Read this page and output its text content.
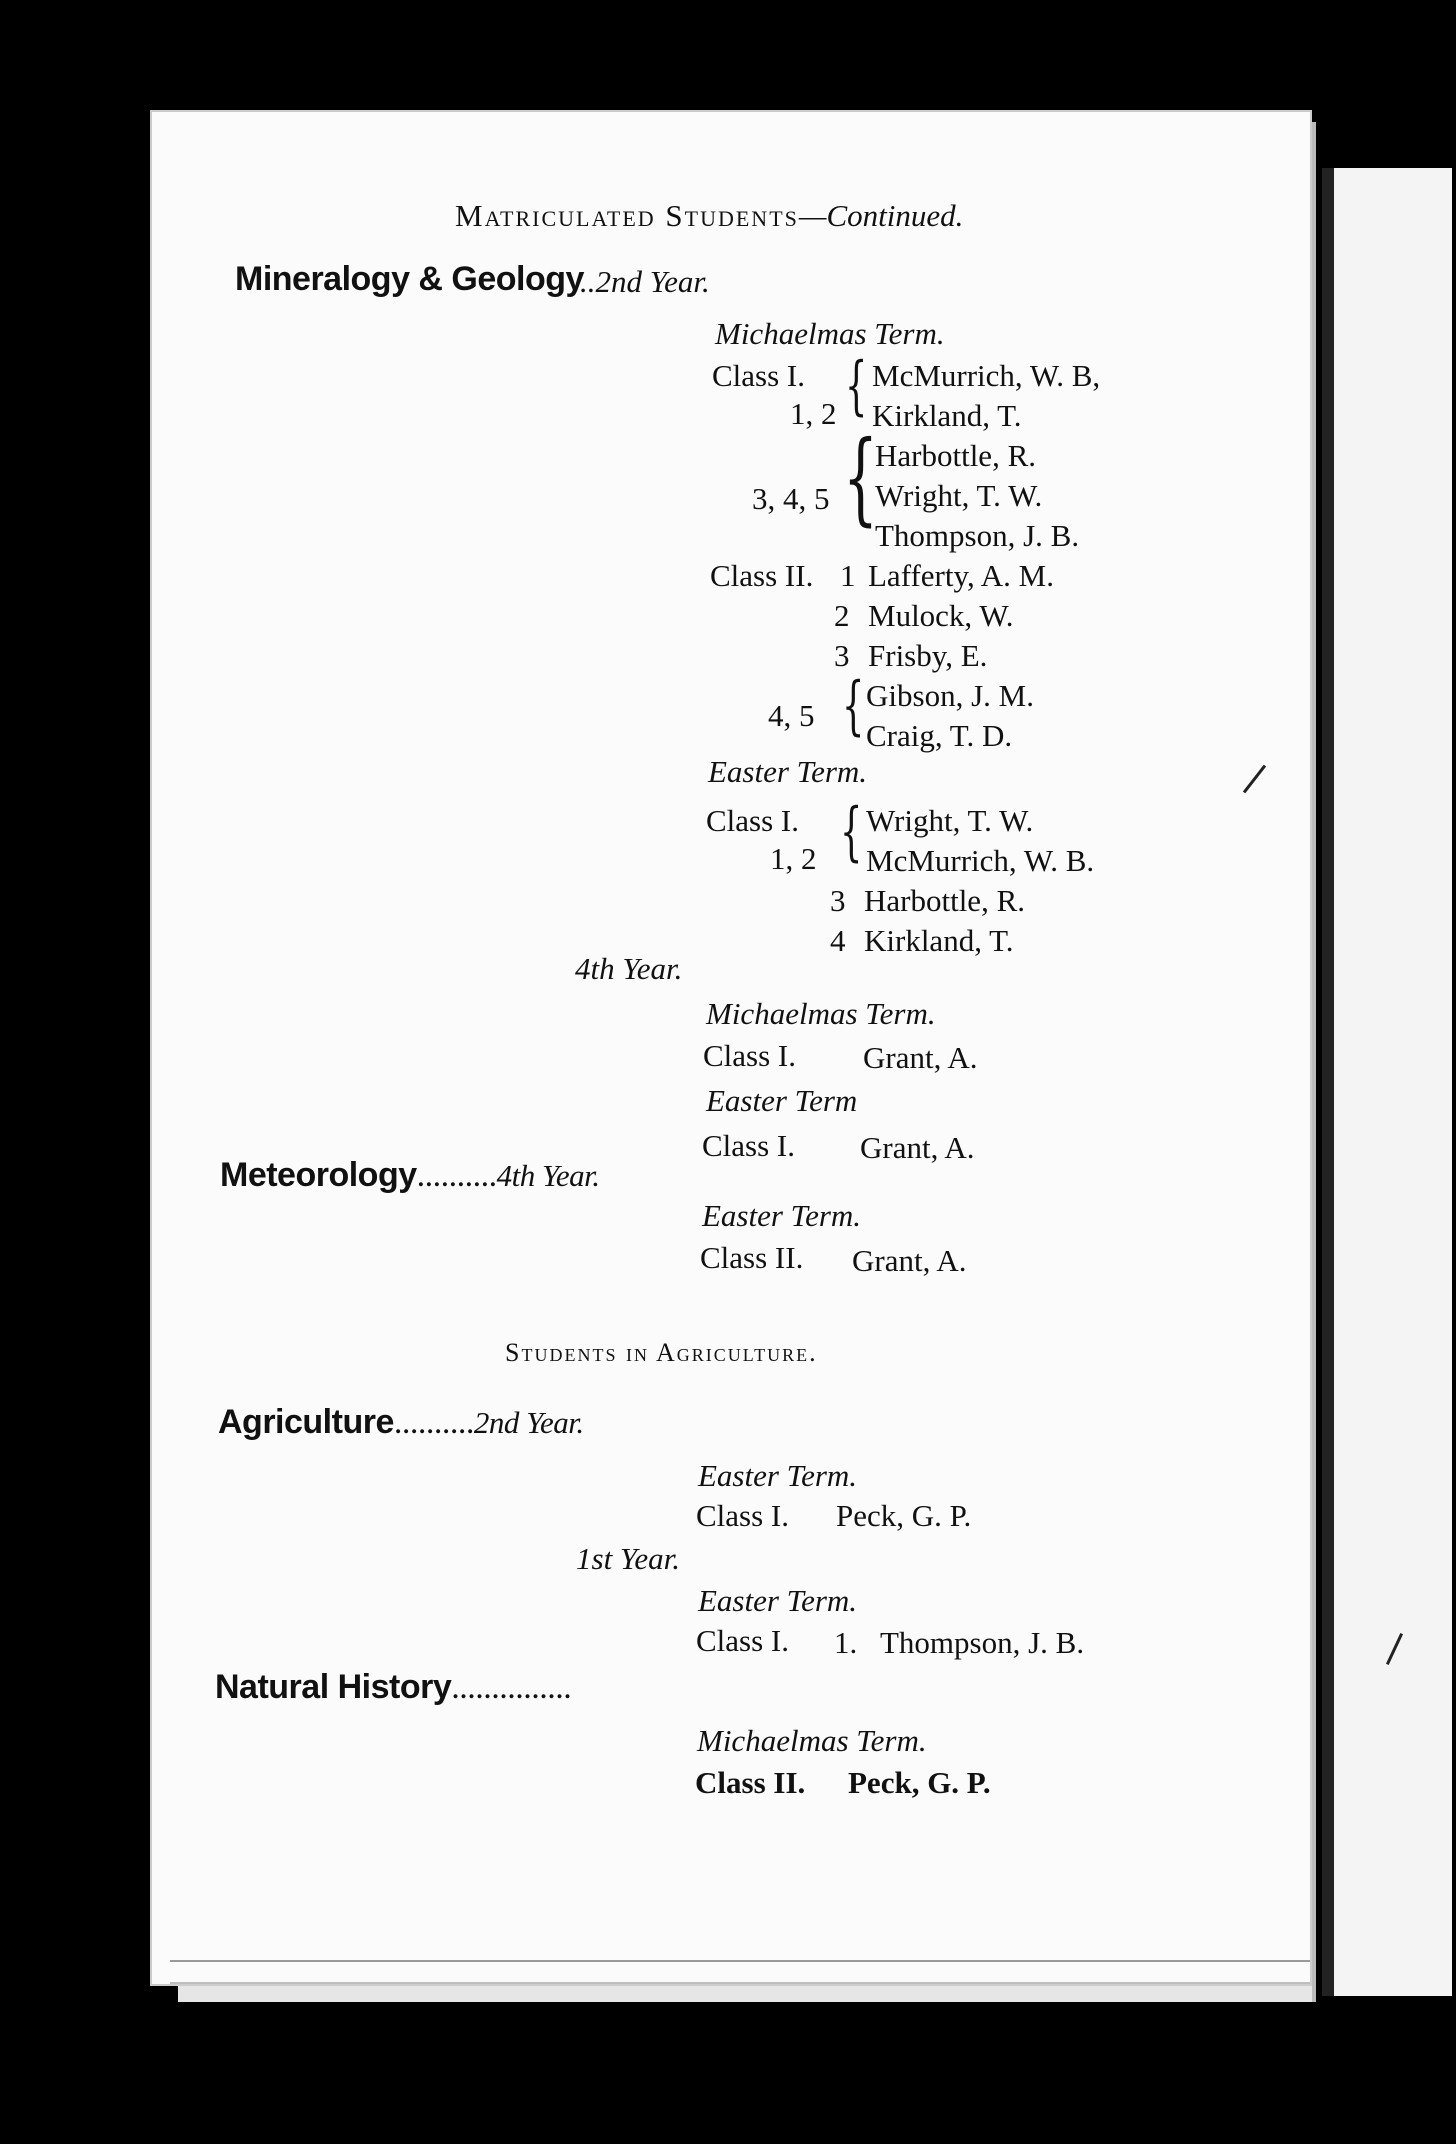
Matriculated Students—Continued.
Mineralogy & Geology
..2nd Year.
Michaelmas Term.
Class I.
1, 2 { McMurrich, W. B,
Kirkland, T.
3, 4, 5 {
Harbottle, R.
Wright, T. W.
Thompson, J. B.
Class II. 1 Lafferty, A. M.
2 Mulock, W.
3 Frisby, E.
4, 5 { Gibson, J. M.
Craig, T. D.
Easter Term.
Class I.
1, 2 { Wright, T. W.
McMurrich, W. B.
3 Harbottle, R.
4 Kirkland, T.
4th Year.
Michaelmas Term.
Class I. Grant, A.
Easter Term
Class I. Grant, A.
Meteorology..........4th Year.
Easter Term.
Class II. Grant, A.
Students in Agriculture.
Agriculture..........2nd Year.
Easter Term.
Class I. Peck, G. P.
1st Year.
Easter Term.
Class I. 1. Thompson, J. B.
Natural History...............
Michaelmas Term.
Class II. Peck, G. P.
